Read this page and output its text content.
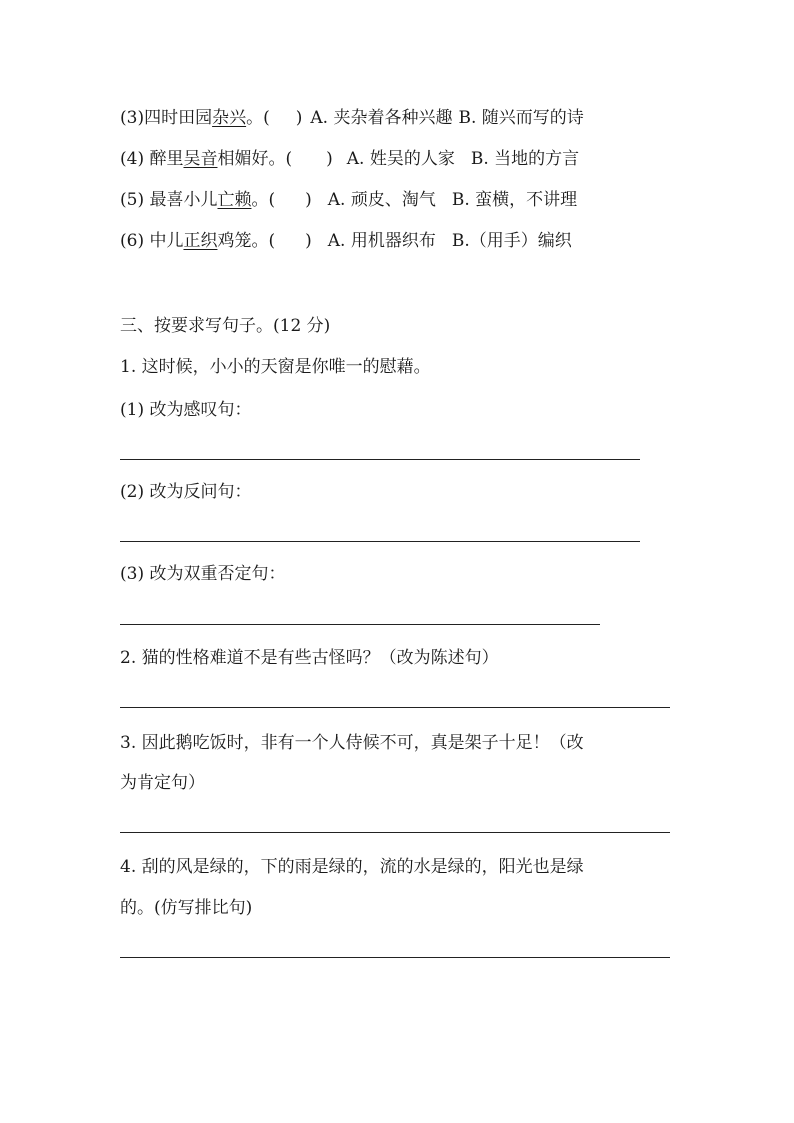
(3)四时田园杂兴。( ) A. 夹杂着各种兴趣 B. 随兴而写的诗
(4) 醉里吴音相媚好。( ) A. 姓吴的人家 B. 当地的方言
(5) 最喜小儿亡赖。( ) A. 顽皮、淘气 B. 蛮横，不讲理
(6) 中儿正织鸡笼。( ) A. 用机器织布 B.（用手）编织
三、按要求写句子。(12 分)
1. 这时候，小小的天窗是你唯一的慰藉。
(1) 改为感叹句：
(2) 改为反问句：
(3) 改为双重否定句：
2. 猫的性格难道不是有些古怪吗？（改为陈述句）
3. 因此鹅吃饭时，非有一个人侍候不可，真是架子十足！（改
为肯定句）
4. 刮的风是绿的，下的雨是绿的，流的水是绿的，阳光也是绿
的。(仿写排比句)
